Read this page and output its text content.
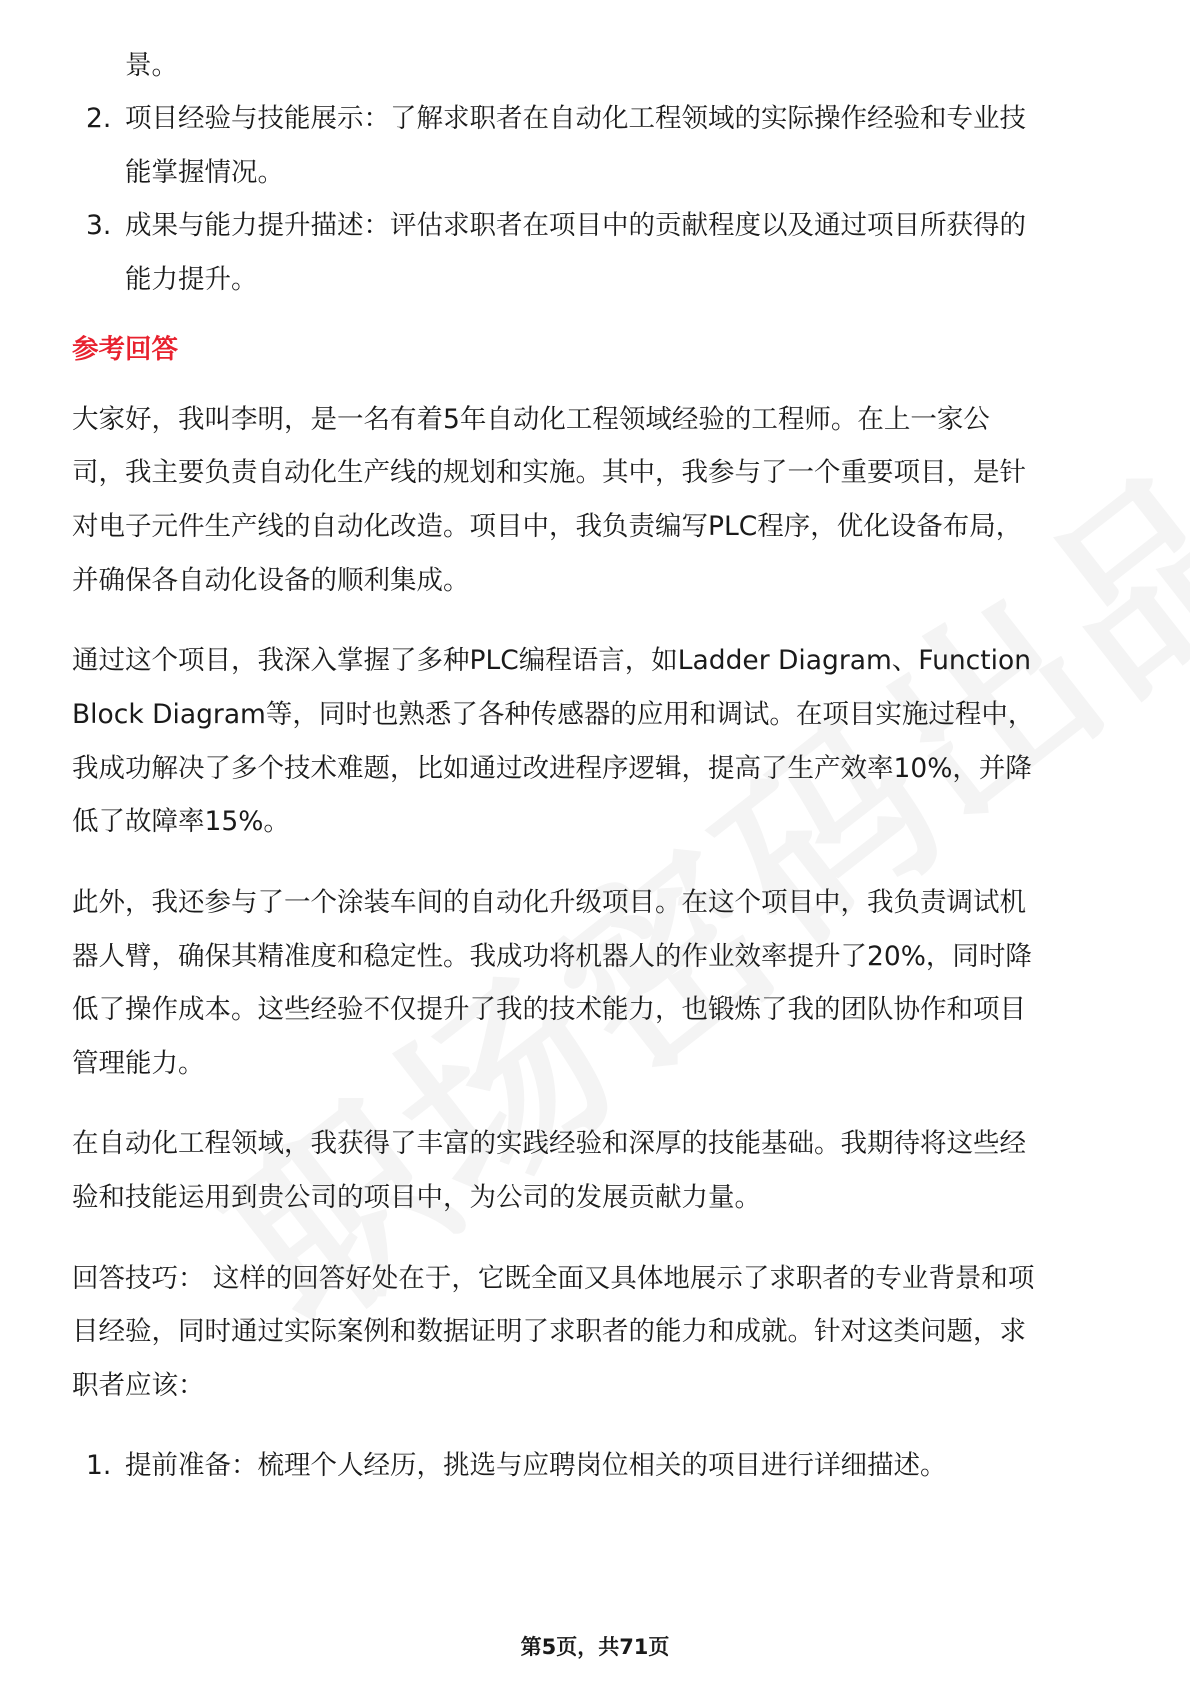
景。
2. 项目经验与技能展示：了解求职者在自动化工程领域的实际操作经验和专业技
能掌握情况。
3. 成果与能力提升描述：评估求职者在项目中的贡献程度以及通过项目所获得的
能力提升。
参考回答
大家好，我叫李明，是一名有着5年自动化工程领域经验的工程师。在上一家公
司，我主要负责自动化生产线的规划和实施。其中，我参与了一个重要项目，是针
对电子元件生产线的自动化改造。项目中，我负责编写PLC程序，优化设备布局，
并确保各自动化设备的顺利集成。
通过这个项目，我深入掌握了多种PLC编程语言，如Ladder Diagram、Function
Block Diagram等，同时也熟悉了各种传感器的应用和调试。在项目实施过程中，
我成功解决了多个技术难题，比如通过改进程序逻辑，提高了生产效率10%，并降
低了故障率15%。
此外，我还参与了一个涂装车间的自动化升级项目。在这个项目中，我负责调试机
器人臂，确保其精准度和稳定性。我成功将机器人的作业效率提升了20%，同时降
低了操作成本。这些经验不仅提升了我的技术能力，也锻炼了我的团队协作和项目
管理能力。
在自动化工程领域，我获得了丰富的实践经验和深厚的技能基础。我期待将这些经
验和技能运用到贵公司的项目中，为公司的发展贡献力量。
回答技巧： 这样的回答好处在于，它既全面又具体地展示了求职者的专业背景和项
目经验，同时通过实际案例和数据证明了求职者的能力和成就。针对这类问题，求
职者应该：
1. 提前准备：梳理个人经历，挑选与应聘岗位相关的项目进行详细描述。
第5页，共71页
